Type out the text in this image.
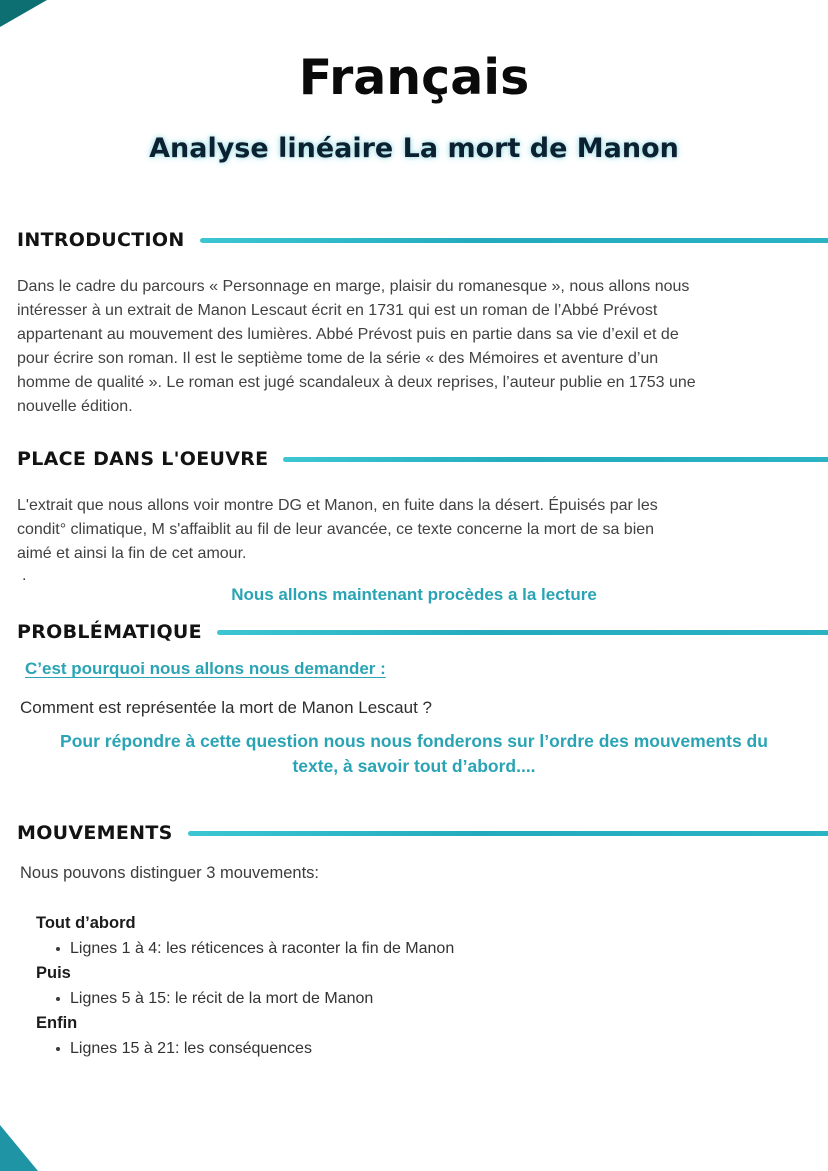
Français
Analyse linéaire La mort de Manon
INTRODUCTION
Dans le cadre du parcours « Personnage en marge, plaisir du romanesque », nous allons nous
intéresser à un extrait de Manon Lescaut écrit en 1731 qui est un roman de l’Abbé Prévost
appartenant au mouvement des lumières. Abbé Prévost puis en partie dans sa vie d’exil et de
pour écrire son roman. Il est le septième tome de la série « des Mémoires et aventure d’un
homme de qualité ». Le roman est jugé scandaleux à deux reprises, l’auteur publie en 1753 une
nouvelle édition.
PLACE DANS L'OEUVRE
L'extrait que nous allons voir montre DG et Manon, en fuite dans la désert. Épuisés par les
condit° climatique, M s'affaiblit au fil de leur avancée, ce texte concerne la mort de sa bien
aimé et ainsi la fin de cet amour.
.
Nous allons maintenant procèdes a la lecture
PROBLÉMATIQUE
C’est pourquoi nous allons nous demander :
Comment est représentée la mort de Manon Lescaut ?
Pour répondre à cette question nous nous fonderons sur l’ordre des mouvements du
texte, à savoir tout d’abord....
MOUVEMENTS
Nous pouvons distinguer 3 mouvements:
Tout d’abord
Lignes 1 à 4: les réticences à raconter la fin de Manon
Puis
Lignes 5 à 15: le récit de la mort de Manon
Enfin
Lignes 15 à 21: les conséquences
